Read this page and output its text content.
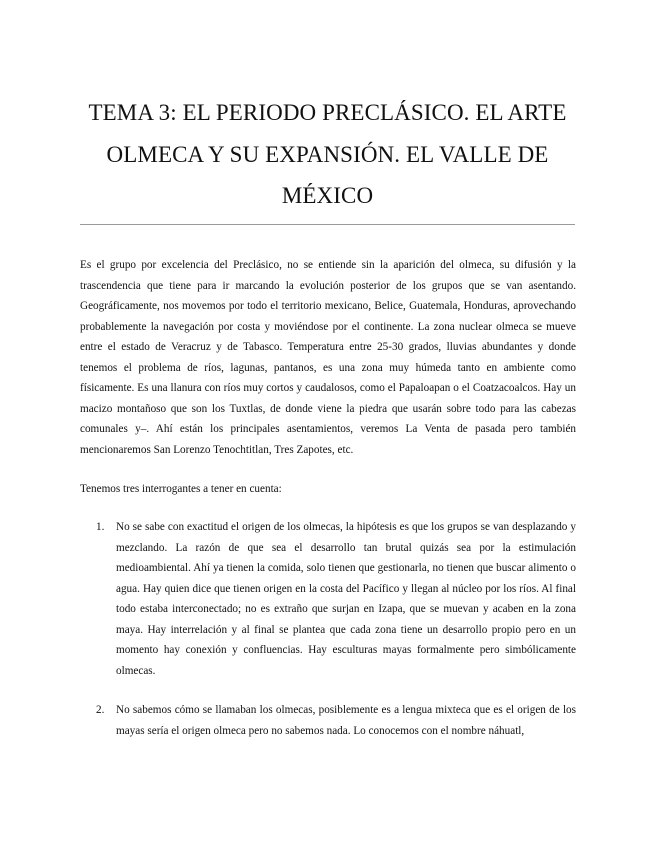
TEMA 3: EL PERIODO PRECLÁSICO. EL ARTE OLMECA Y SU EXPANSIÓN. EL VALLE DE MÉXICO

Es el grupo por excelencia del Preclásico, no se entiende sin la aparición del olmeca, su difusión y la trascendencia que tiene para ir marcando la evolución posterior de los grupos que se van asentando. Geográficamente, nos movemos por todo el territorio mexicano, Belice, Guatemala, Honduras, aprovechando probablemente la navegación por costa y moviéndose por el continente. La zona nuclear olmeca se mueve entre el estado de Veracruz y de Tabasco. Temperatura entre 25-30 grados, lluvias abundantes y donde tenemos el problema de ríos, lagunas, pantanos, es una zona muy húmeda tanto en ambiente como físicamente. Es una llanura con ríos muy cortos y caudalosos, como el Papaloapan o el Coatzacoalcos. Hay un macizo montañoso que son los Tuxtlas, de donde viene la piedra que usarán sobre todo para las cabezas comunales y–. Ahí están los principales asentamientos, veremos La Venta de pasada pero también mencionaremos San Lorenzo Tenochtitlan, Tres Zapotes, etc.

Tenemos tres interrogantes a tener en cuenta:

1. No se sabe con exactitud el origen de los olmecas, la hipótesis es que los grupos se van desplazando y mezclando. La razón de que sea el desarrollo tan brutal quizás sea por la estimulación medioambiental. Ahí ya tienen la comida, solo tienen que gestionarla, no tienen que buscar alimento o agua. Hay quien dice que tienen origen en la costa del Pacífico y llegan al núcleo por los ríos. Al final todo estaba interconectado; no es extraño que surjan en Izapa, que se muevan y acaben en la zona maya. Hay interrelación y al final se plantea que cada zona tiene un desarrollo propio pero en un momento hay conexión y confluencias. Hay esculturas mayas formalmente pero simbólicamente olmecas.
2. No sabemos cómo se llamaban los olmecas, posiblemente es a lengua mixteca que es el origen de los mayas sería el origen olmeca pero no sabemos nada. Lo conocemos con el nombre náhuatl,
